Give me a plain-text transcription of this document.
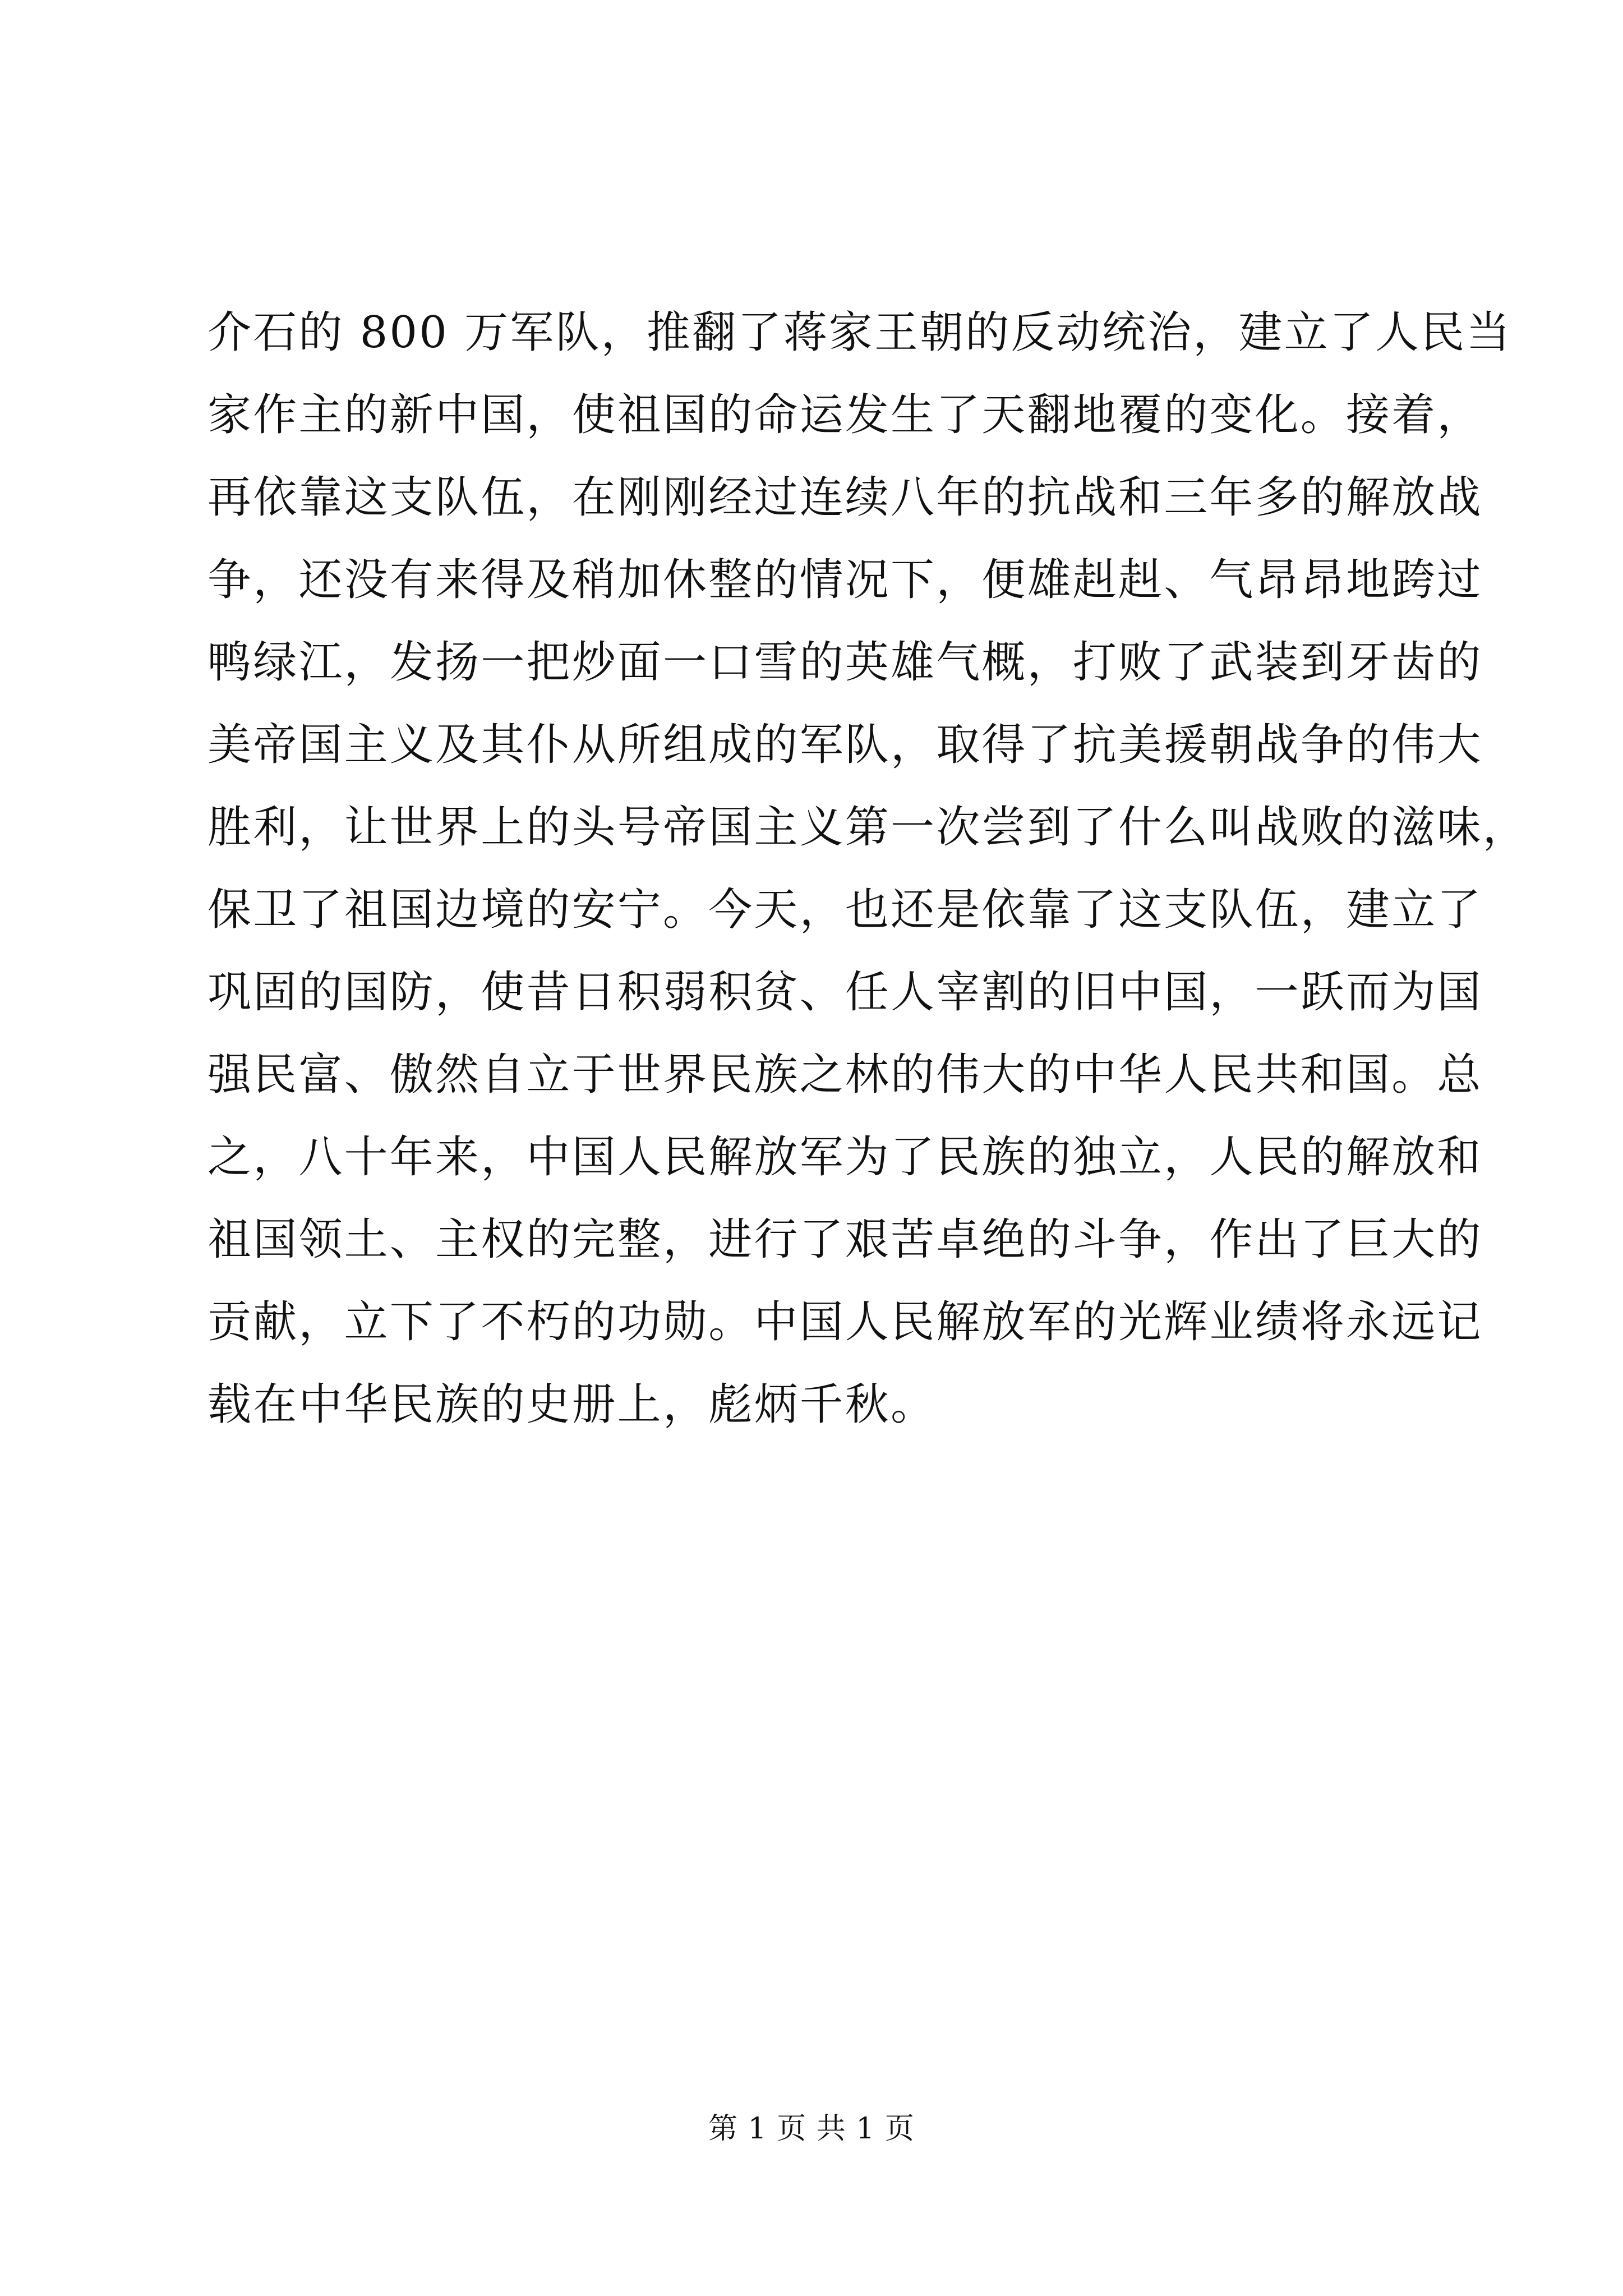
介石的 800 万军队，推翻了蒋家王朝的反动统治，建立了人民当
家作主的新中国，使祖国的命运发生了天翻地覆的变化。接着，
再依靠这支队伍，在刚刚经过连续八年的抗战和三年多的解放战
争，还没有来得及稍加休整的情况下，便雄赳赳、气昂昂地跨过
鸭绿江，发扬一把炒面一口雪的英雄气概，打败了武装到牙齿的
美帝国主义及其仆从所组成的军队，取得了抗美援朝战争的伟大
胜利，让世界上的头号帝国主义第一次尝到了什么叫战败的滋味，
保卫了祖国边境的安宁。今天，也还是依靠了这支队伍，建立了
巩固的国防，使昔日积弱积贫、任人宰割的旧中国，一跃而为国
强民富、傲然自立于世界民族之林的伟大的中华人民共和国。总
之，八十年来，中国人民解放军为了民族的独立，人民的解放和
祖国领土、主权的完整，进行了艰苦卓绝的斗争，作出了巨大的
贡献，立下了不朽的功勋。中国人民解放军的光辉业绩将永远记
载在中华民族的史册上，彪炳千秋。
第 1 页 共 1 页
